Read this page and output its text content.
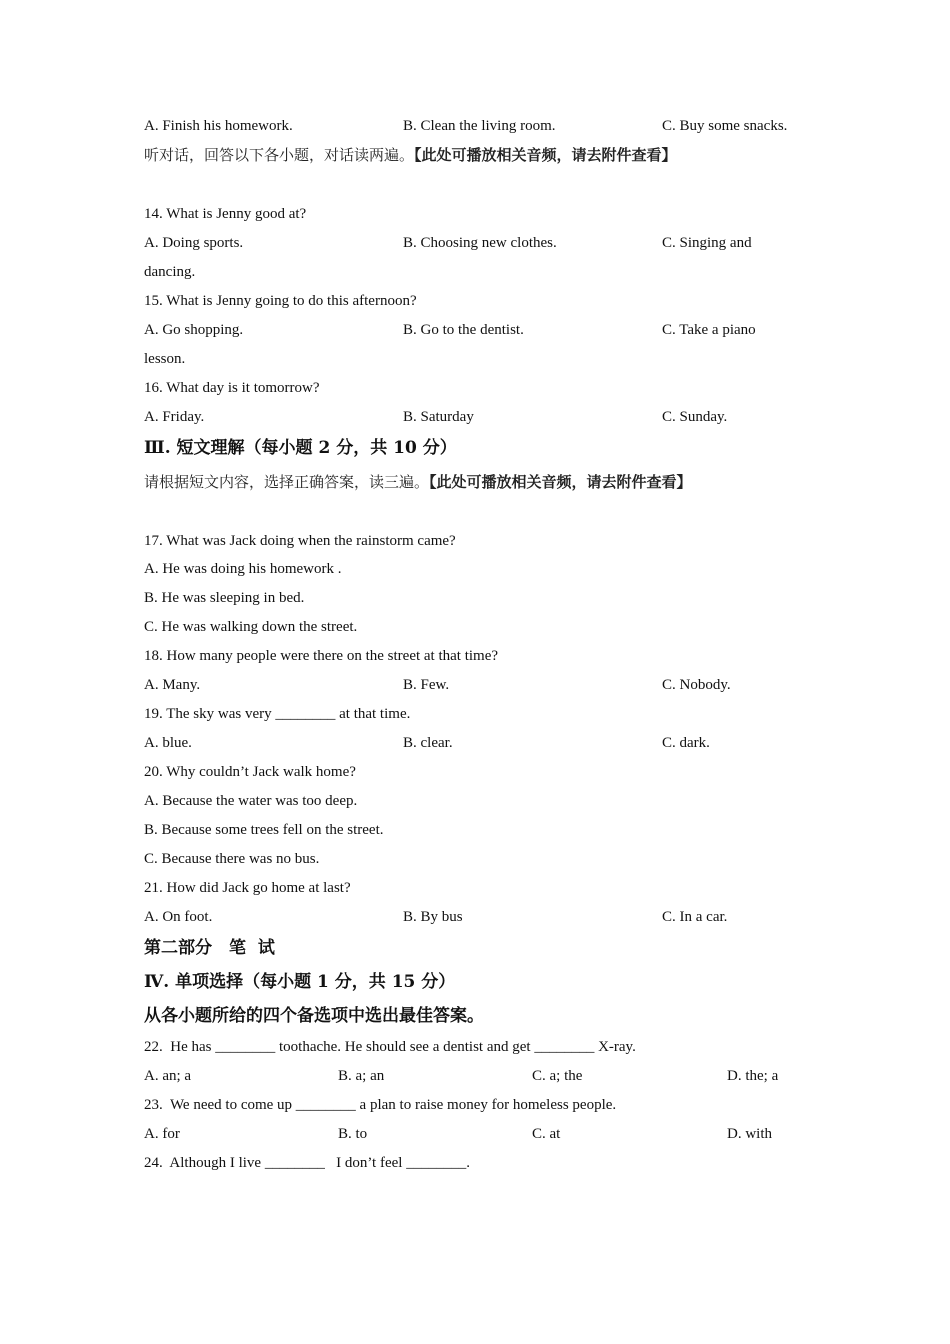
A. Finish his homework.	B. Clean the living room.	C. Buy some snacks.
听对话，回答以下各小题，对话读两遍。【此处可播放相关音频，请去附件查看】
14. What is Jenny good at?
A. Doing sports.	B. Choosing new clothes.	C. Singing and
dancing.
15. What is Jenny going to do this afternoon?
A. Go shopping.	B. Go to the dentist.	C. Take a piano
lesson.
16. What day is it tomorrow?
A. Friday.	B. Saturday	C. Sunday.
Ⅲ. 短文理解（每小题 2 分，共 10 分）
请根据短文内容，选择正确答案，读三遍。【此处可播放相关音频，请去附件查看】
17. What was Jack doing when the rainstorm came?
A. He was doing his homework .
B. He was sleeping in bed.
C. He was walking down the street.
18. How many people were there on the street at that time?
A. Many.	B. Few.	C. Nobody.
19. The sky was very ________ at that time.
A. blue.	B. clear.	C. dark.
20. Why couldn’t Jack walk home?
A. Because the water was too deep.
B. Because some trees fell on the street.
C. Because there was no bus.
21. How did Jack go home at last?
A. On foot.	B. By bus	C. In a car.
第二部分　笔  试
Ⅳ. 单项选择（每小题 1 分，共 15 分）
从各小题所给的四个备选项中选出最佳答案。
22.  He has ________ toothache. He should see a dentist and get ________ X-ray.
A. an; a	B. a; an	C. a; the	D. the; a
23.  We need to come up ________ a plan to raise money for homeless people.
A. for	B. to	C. at	D. with
24.  Although I live ________   I don’t feel ________.
